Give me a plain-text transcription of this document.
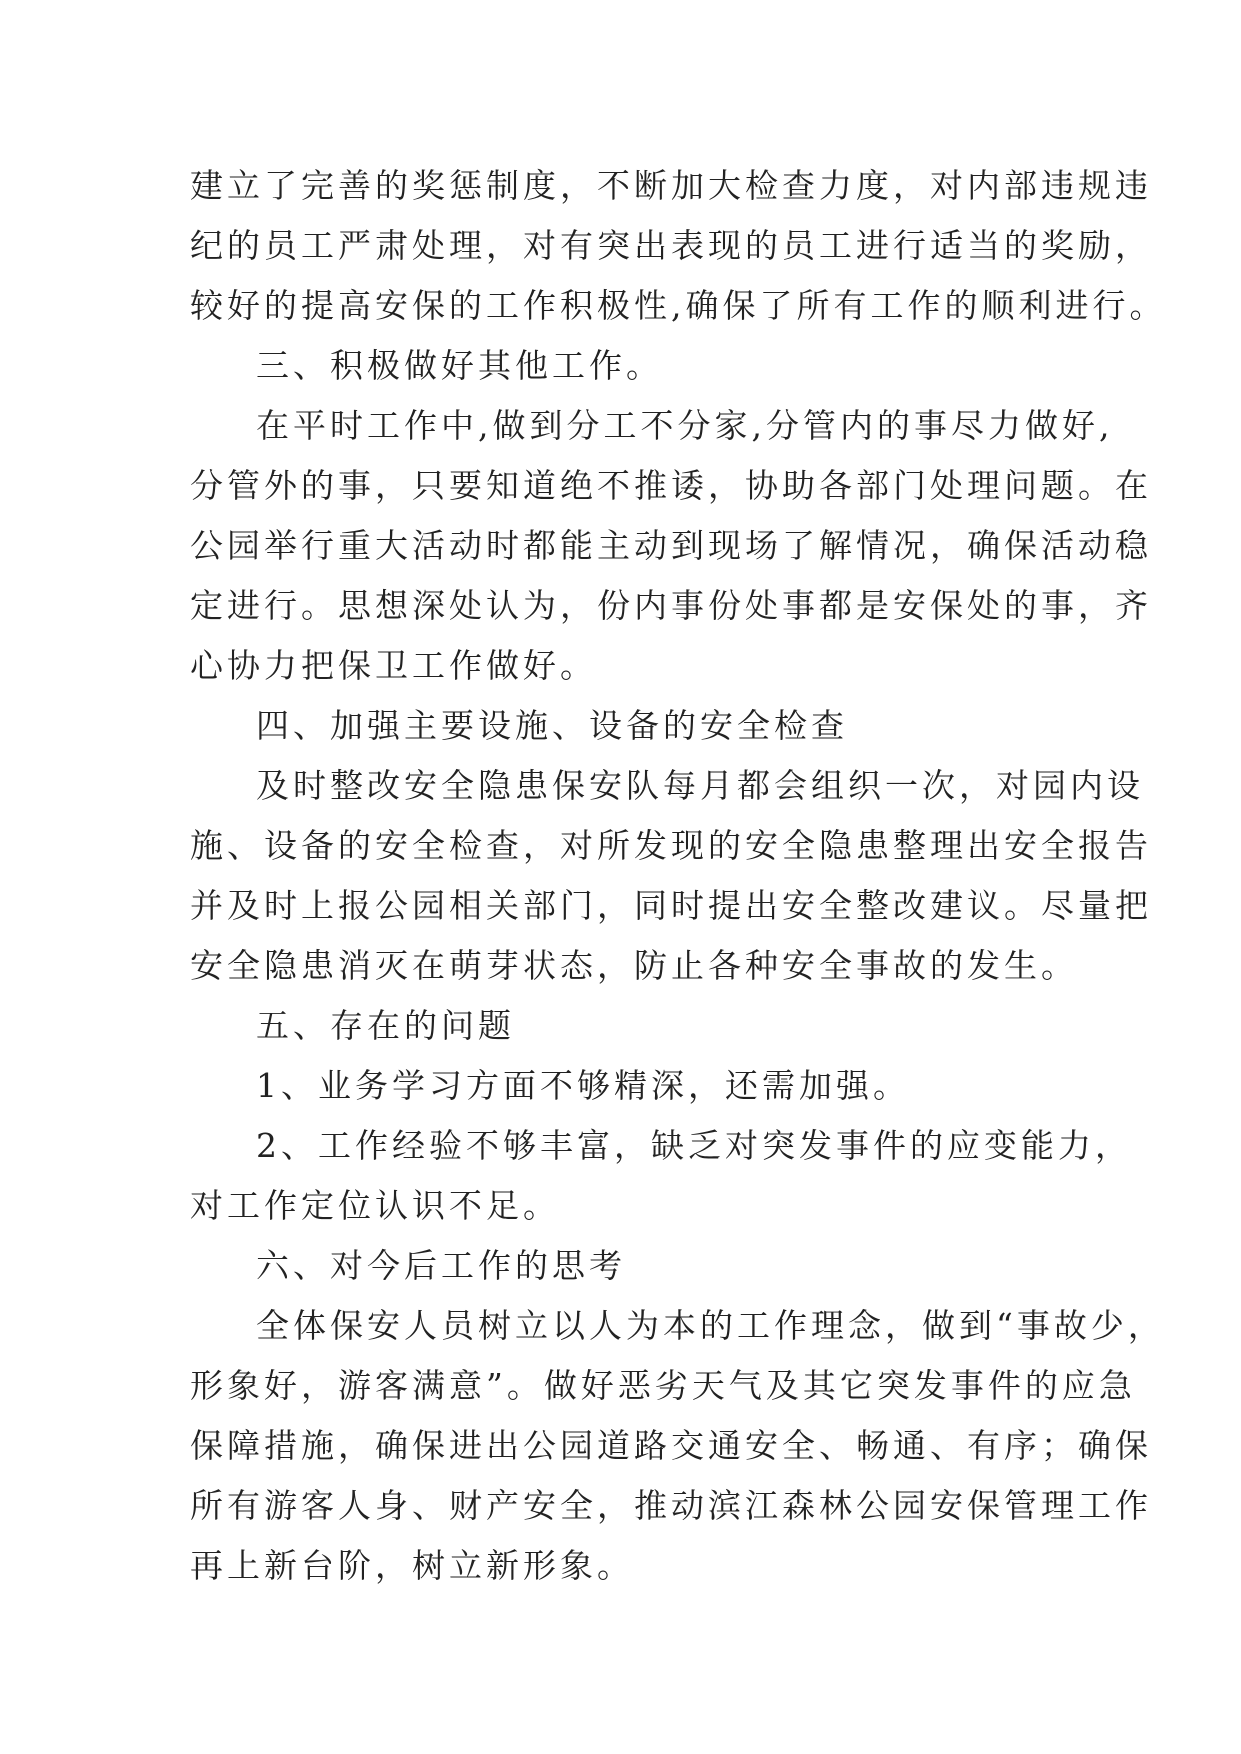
建立了完善的奖惩制度，不断加大检查力度，对内部违规违

纪的员工严肃处理，对有突出表现的员工进行适当的奖励，

较好的提高安保的工作积极性,确保了所有工作的顺利进行。

三、积极做好其他工作。

在平时工作中,做到分工不分家,分管内的事尽力做好,

分管外的事，只要知道绝不推诿，协助各部门处理问题。在

公园举行重大活动时都能主动到现场了解情况，确保活动稳

定进行。思想深处认为，份内事份处事都是安保处的事，齐

心协力把保卫工作做好。

四、加强主要设施、设备的安全检查

及时整改安全隐患保安队每月都会组织一次，对园内设

施、设备的安全检查，对所发现的安全隐患整理出安全报告

并及时上报公园相关部门，同时提出安全整改建议。尽量把

安全隐患消灭在萌芽状态，防止各种安全事故的发生。

五、存在的问题

1、业务学习方面不够精深，还需加强。

2、工作经验不够丰富，缺乏对突发事件的应变能力，

对工作定位认识不足。

六、对今后工作的思考

全体保安人员树立以人为本的工作理念，做到“事故少，

形象好，游客满意”。做好恶劣天气及其它突发事件的应急

保障措施，确保进出公园道路交通安全、畅通、有序；确保

所有游客人身、财产安全，推动滨江森林公园安保管理工作

再上新台阶，树立新形象。
